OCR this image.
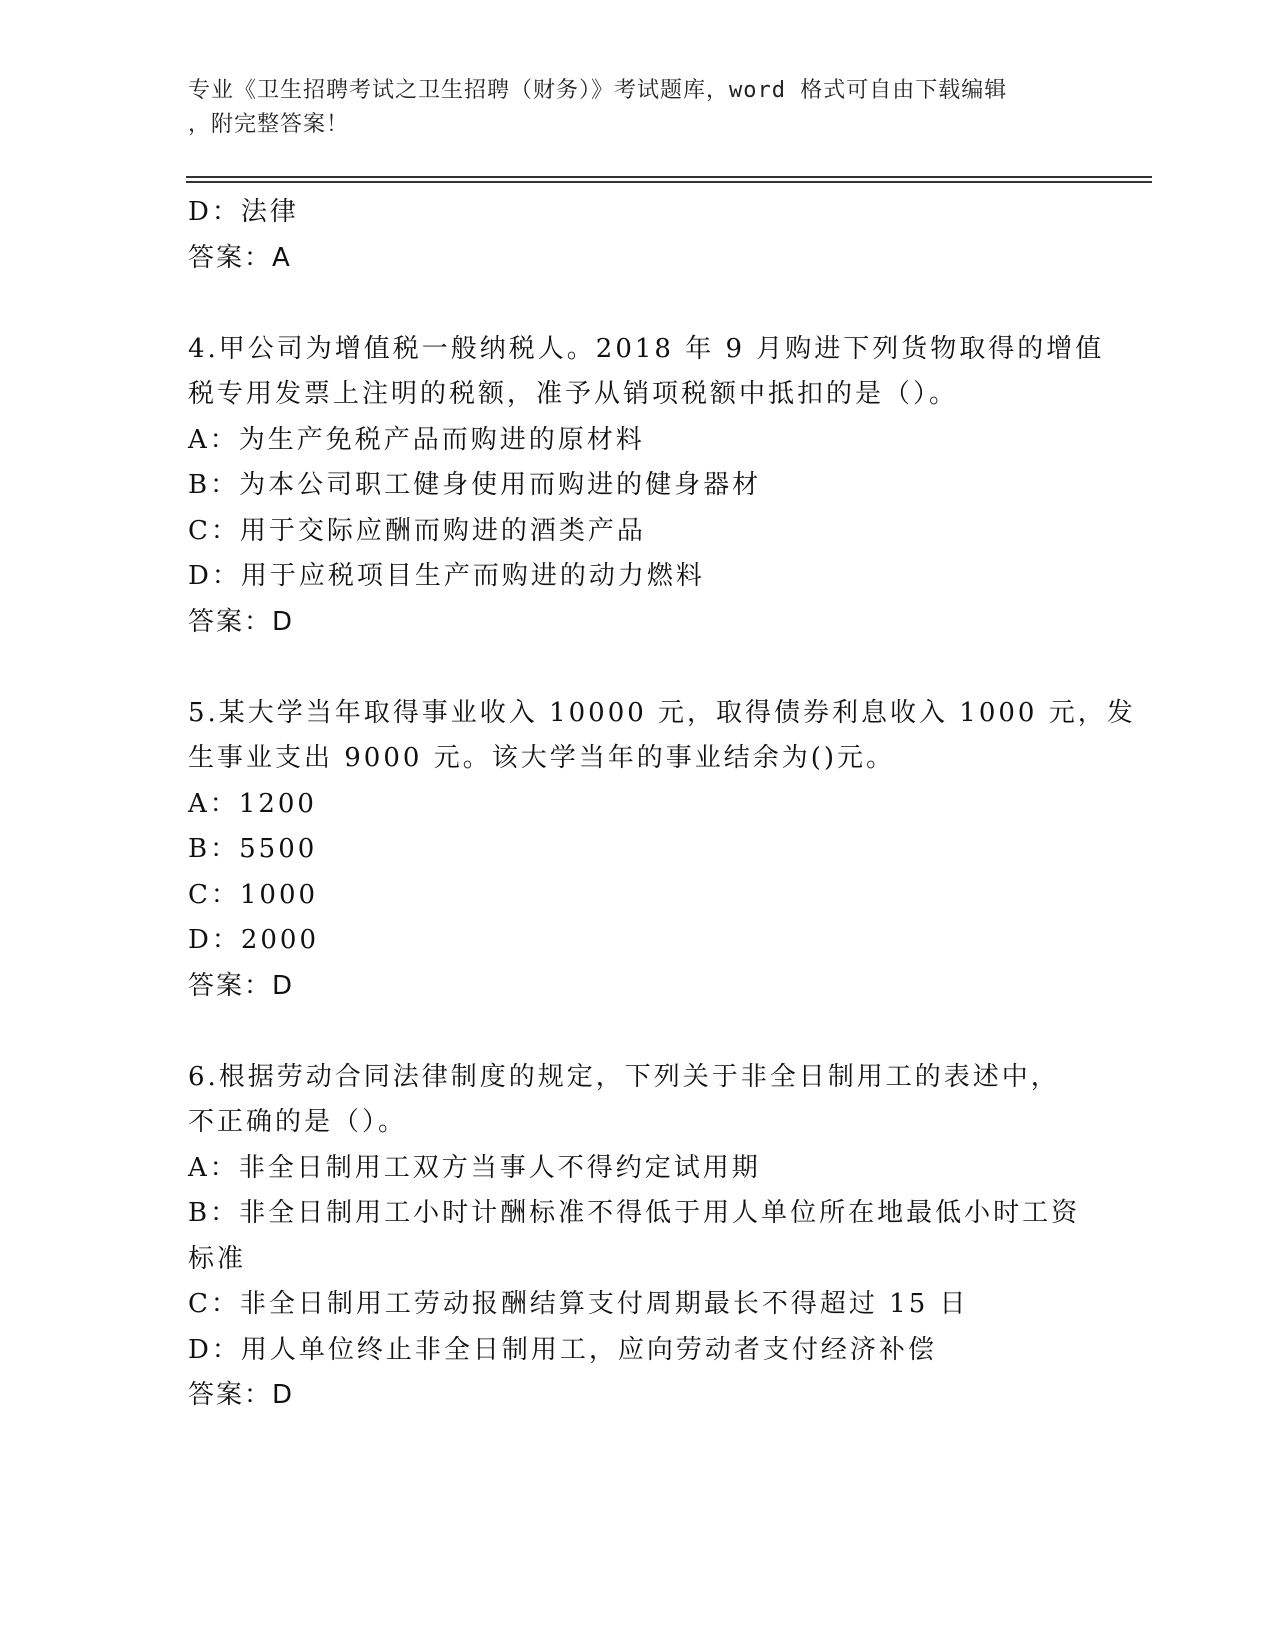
专业《卫生招聘考试之卫生招聘（财务）》考试题库，word 格式可自由下载编辑
，附完整答案！
D：法律
答案：A
4.甲公司为增值税一般纳税人。2018 年 9 月购进下列货物取得的增值
税专用发票上注明的税额，准予从销项税额中抵扣的是（）。
A：为生产免税产品而购进的原材料
B：为本公司职工健身使用而购进的健身器材
C：用于交际应酬而购进的酒类产品
D：用于应税项目生产而购进的动力燃料
答案：D
5.某大学当年取得事业收入 10000 元，取得债券利息收入 1000 元，发
生事业支出 9000 元。该大学当年的事业结余为()元。
A：1200
B：5500
C：1000
D：2000
答案：D
6.根据劳动合同法律制度的规定，下列关于非全日制用工的表述中，
不正确的是（）。
A：非全日制用工双方当事人不得约定试用期
B：非全日制用工小时计酬标准不得低于用人单位所在地最低小时工资
标准
C：非全日制用工劳动报酬结算支付周期最长不得超过 15 日
D：用人单位终止非全日制用工，应向劳动者支付经济补偿
答案：D
